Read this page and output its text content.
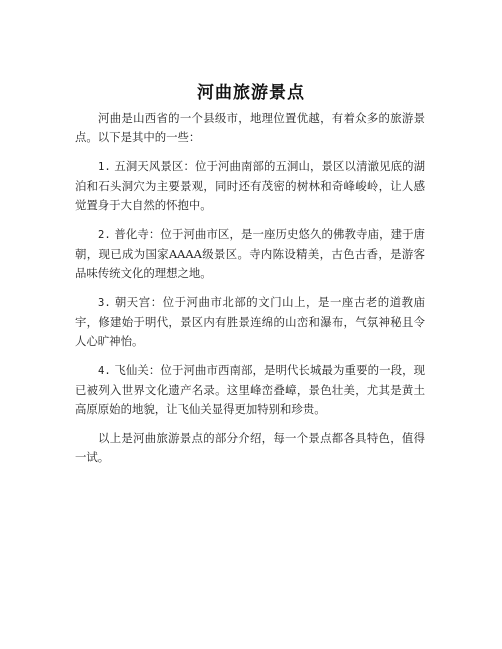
河曲旅游景点

河曲是山西省的一个县级市，地理位置优越，有着众多的旅游景点。以下是其中的一些：

1. 五洞天风景区：位于河曲南部的五洞山，景区以清澈见底的湖泊和石头洞穴为主要景观，同时还有茂密的树林和奇峰峻岭，让人感觉置身于大自然的怀抱中。

2. 普化寺：位于河曲市区，是一座历史悠久的佛教寺庙，建于唐朝，现已成为国家AAAA级景区。寺内陈设精美，古色古香，是游客品味传统文化的理想之地。

3. 朝天宫：位于河曲市北部的文门山上，是一座古老的道教庙宇，修建始于明代，景区内有胜景连绵的山峦和瀑布，气氛神秘且令人心旷神怡。

4. 飞仙关：位于河曲市西南部，是明代长城最为重要的一段，现已被列入世界文化遗产名录。这里峰峦叠嶂，景色壮美，尤其是黄土高原原始的地貌，让飞仙关显得更加特别和珍贵。

以上是河曲旅游景点的部分介绍，每一个景点都各具特色，值得一试。
